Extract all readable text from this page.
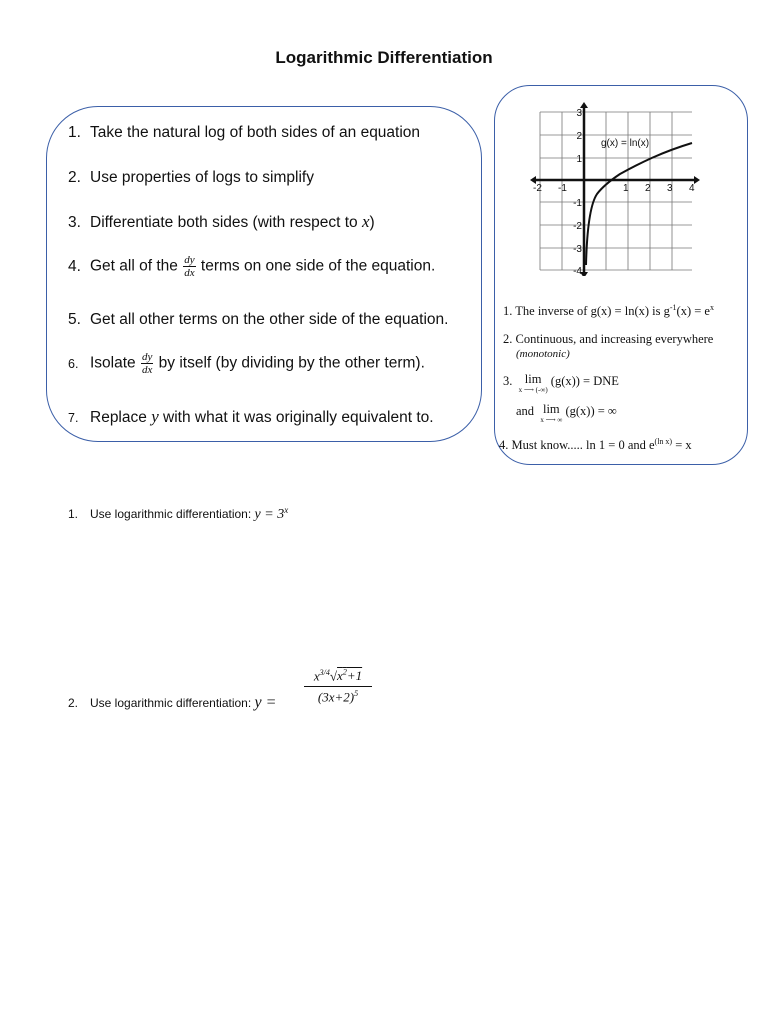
Logarithmic Differentiation
1. Take the natural log of both sides of an equation
2. Use properties of logs to simplify
3. Differentiate both sides (with respect to x)
4. Get all of the $\frac{dy}{dx}$ terms on one side of the equation.
5. Get all other terms on the other side of the equation.
6. Isolate $\frac{dy}{dx}$ by itself (by dividing by the other term).
7. Replace y with what it was originally equivalent to.
g(x) = ln(x)
-2 -1	1 2 3 4
3
2
1
-1
-2
-3
-4
1. The inverse of g(x) = ln(x) is $g^{-1}(x) = e^x$
2. Continuous, and increasing everywhere
(monotonic)
3. lim
x ⟶ (-∞)
(g(x)) = DNE
and lim
x ⟶ ∞
(g(x)) = ∞
4. Must know..... ln 1 = 0 and $e^{(ln x)} = x$
1. Use logarithmic differentiation: $y = 3^x$
2. Use logarithmic differentiation: $y = \frac{x^{3/4}√x^2+1}{(3x+2)^5}$
